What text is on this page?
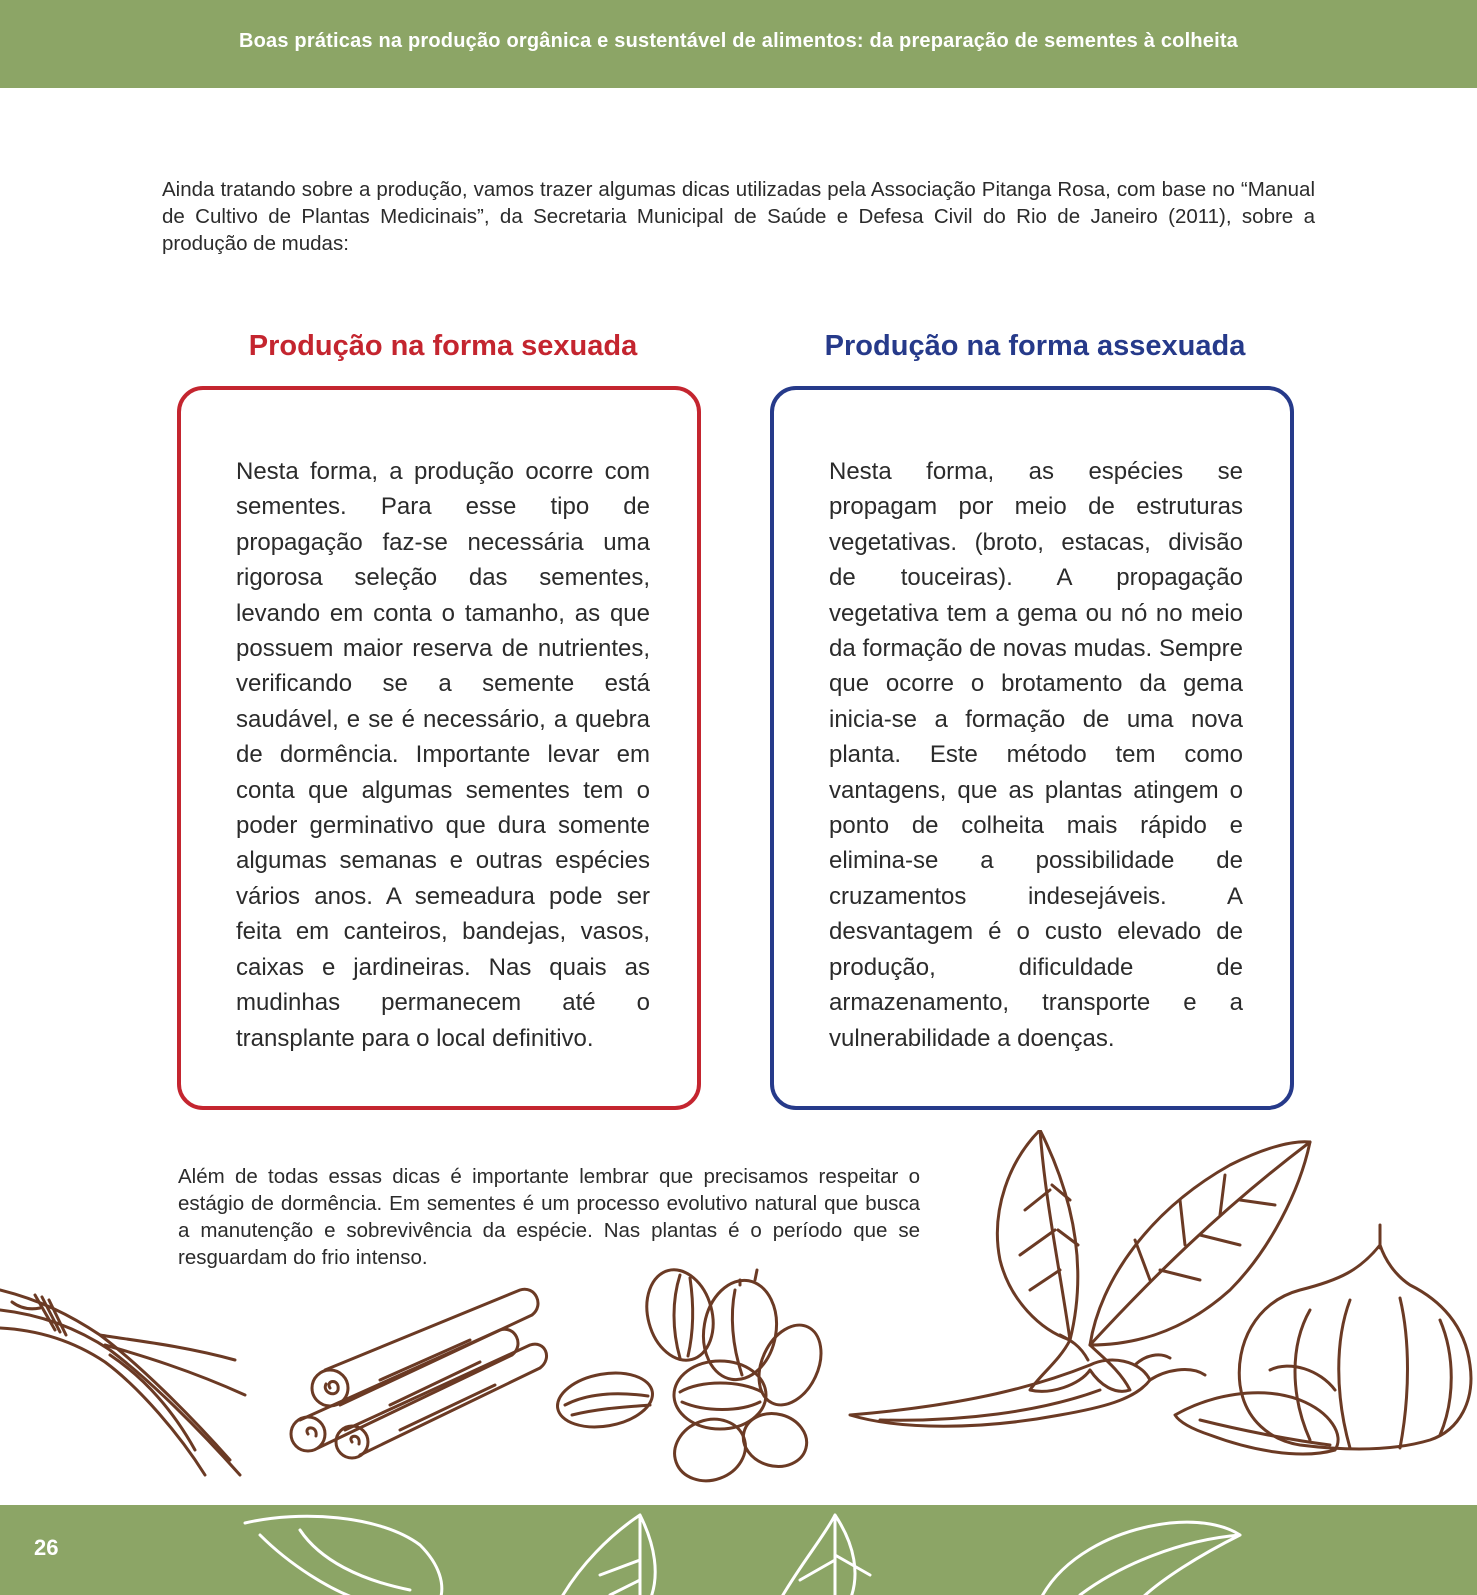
Boas práticas na produção orgânica e sustentável de alimentos: da preparação de sementes à colheita
Ainda tratando sobre a produção, vamos trazer algumas dicas utilizadas pela Associação Pitanga Rosa, com base no “Manual de Cultivo de Plantas Medicinais”, da Secretaria Municipal de Saúde e Defesa Civil do Rio de Janeiro (2011), sobre a produção de mudas:
Produção na forma sexuada	Produção na forma assexuada
Nesta forma, a produção ocorre com sementes. Para esse tipo de propagação faz-se necessária uma rigorosa seleção das sementes, levando em conta o tamanho, as que possuem maior reserva de nutrientes, verificando se a semente está saudável, e se é necessário, a quebra de dormência. Importante levar em conta que algumas sementes tem o poder germinativo que dura somente algumas semanas e outras espécies vários anos. A semeadura pode ser feita em canteiros, bandejas, vasos, caixas e jardineiras. Nas quais as mudinhas permanecem até o transplante para o local definitivo.
Nesta forma, as espécies se propagam por meio de estruturas vegetativas. (broto, estacas, divisão de touceiras). A propagação vegetativa tem a gema ou nó no meio da formação de novas mudas. Sempre que ocorre o brotamento da gema inicia-se a formação de uma nova planta. Este método tem como vantagens, que as plantas atingem o ponto de colheita mais rápido e elimina-se a possibilidade de cruzamentos indesejáveis. A desvantagem é o custo elevado de produção, dificuldade de armazenamento, transporte e a vulnerabilidade a doenças.
Além de todas essas dicas é importante lembrar que precisamos respeitar o estágio de dormência. Em sementes é um processo evolutivo natural que busca a manutenção e sobrevivência da espécie. Nas plantas é o período que se resguardam do frio intenso.
26
